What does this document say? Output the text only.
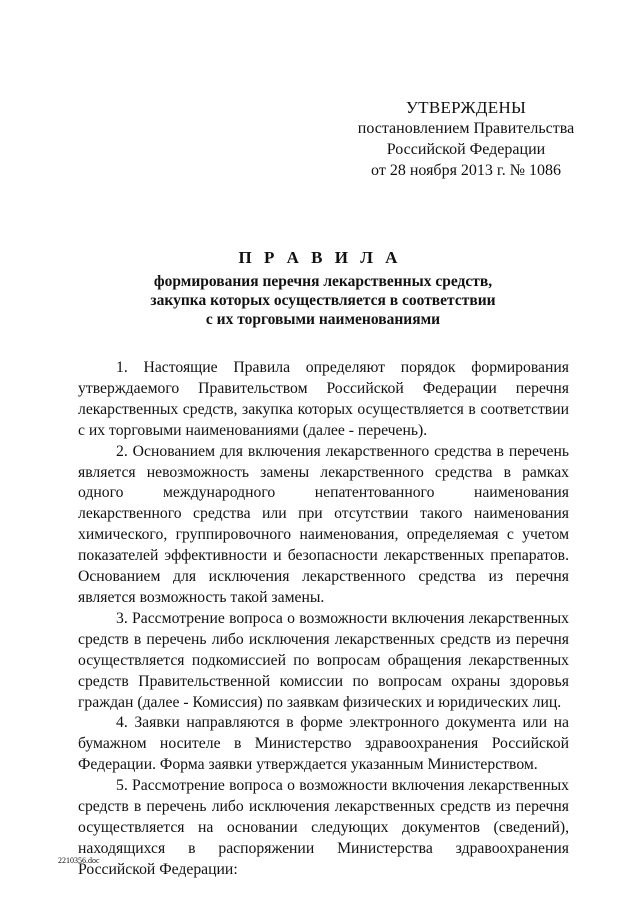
УТВЕРЖДЕНЫ
постановлением Правительства
Российской Федерации
от 28 ноября 2013 г. № 1086
П Р А В И Л А
формирования перечня лекарственных средств,
закупка которых осуществляется в соответствии
с их торговыми наименованиями

1. Настоящие Правила определяют порядок формирования утверждаемого Правительством Российской Федерации перечня лекарственных средств, закупка которых осуществляется в соответствии с их торговыми наименованиями (далее - перечень).

2. Основанием для включения лекарственного средства в перечень является невозможность замены лекарственного средства в рамках одного международного непатентованного наименования лекарственного средства или при отсутствии такого наименования химического, группировочного наименования, определяемая с учетом показателей эффективности и безопасности лекарственных препаратов. Основанием для исключения лекарственного средства из перечня является возможность такой замены.

3. Рассмотрение вопроса о возможности включения лекарственных средств в перечень либо исключения лекарственных средств из перечня осуществляется подкомиссией по вопросам обращения лекарственных средств Правительственной комиссии по вопросам охраны здоровья граждан (далее - Комиссия) по заявкам физических и юридических лиц.

4. Заявки направляются в форме электронного документа или на бумажном носителе в Министерство здравоохранения Российской Федерации. Форма заявки утверждается указанным Министерством.

5. Рассмотрение вопроса о возможности включения лекарственных средств в перечень либо исключения лекарственных средств из перечня осуществляется на основании следующих документов (сведений), находящихся в распоряжении Министерства здравоохранения Российской Федерации:

2210356.doc
